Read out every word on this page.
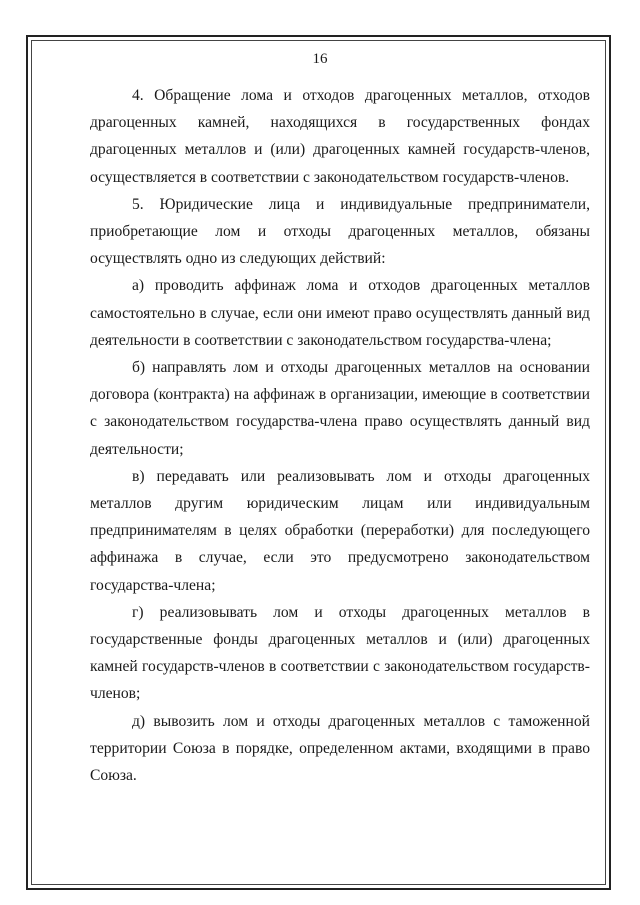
16

4. Обращение лома и отходов драгоценных металлов, отходов драгоценных камней, находящихся в государственных фондах драгоценных металлов и (или) драгоценных камней государств-членов, осуществляется в соответствии с законодательством государств-членов.

5. Юридические лица и индивидуальные предприниматели, приобретающие лом и отходы драгоценных металлов, обязаны осуществлять одно из следующих действий:

а) проводить аффинаж лома и отходов драгоценных металлов самостоятельно в случае, если они имеют право осуществлять данный вид деятельности в соответствии с законодательством государства-члена;

б) направлять лом и отходы драгоценных металлов на основании договора (контракта) на аффинаж в организации, имеющие в соответствии с законодательством государства-члена право осуществлять данный вид деятельности;

в) передавать или реализовывать лом и отходы драгоценных металлов другим юридическим лицам или индивидуальным предпринимателям в целях обработки (переработки) для последующего аффинажа в случае, если это предусмотрено законодательством государства-члена;

г) реализовывать лом и отходы драгоценных металлов в государственные фонды драгоценных металлов и (или) драгоценных камней государств-членов в соответствии с законодательством государств-членов;

д) вывозить лом и отходы драгоценных металлов с таможенной территории Союза в порядке, определенном актами, входящими в право Союза.
